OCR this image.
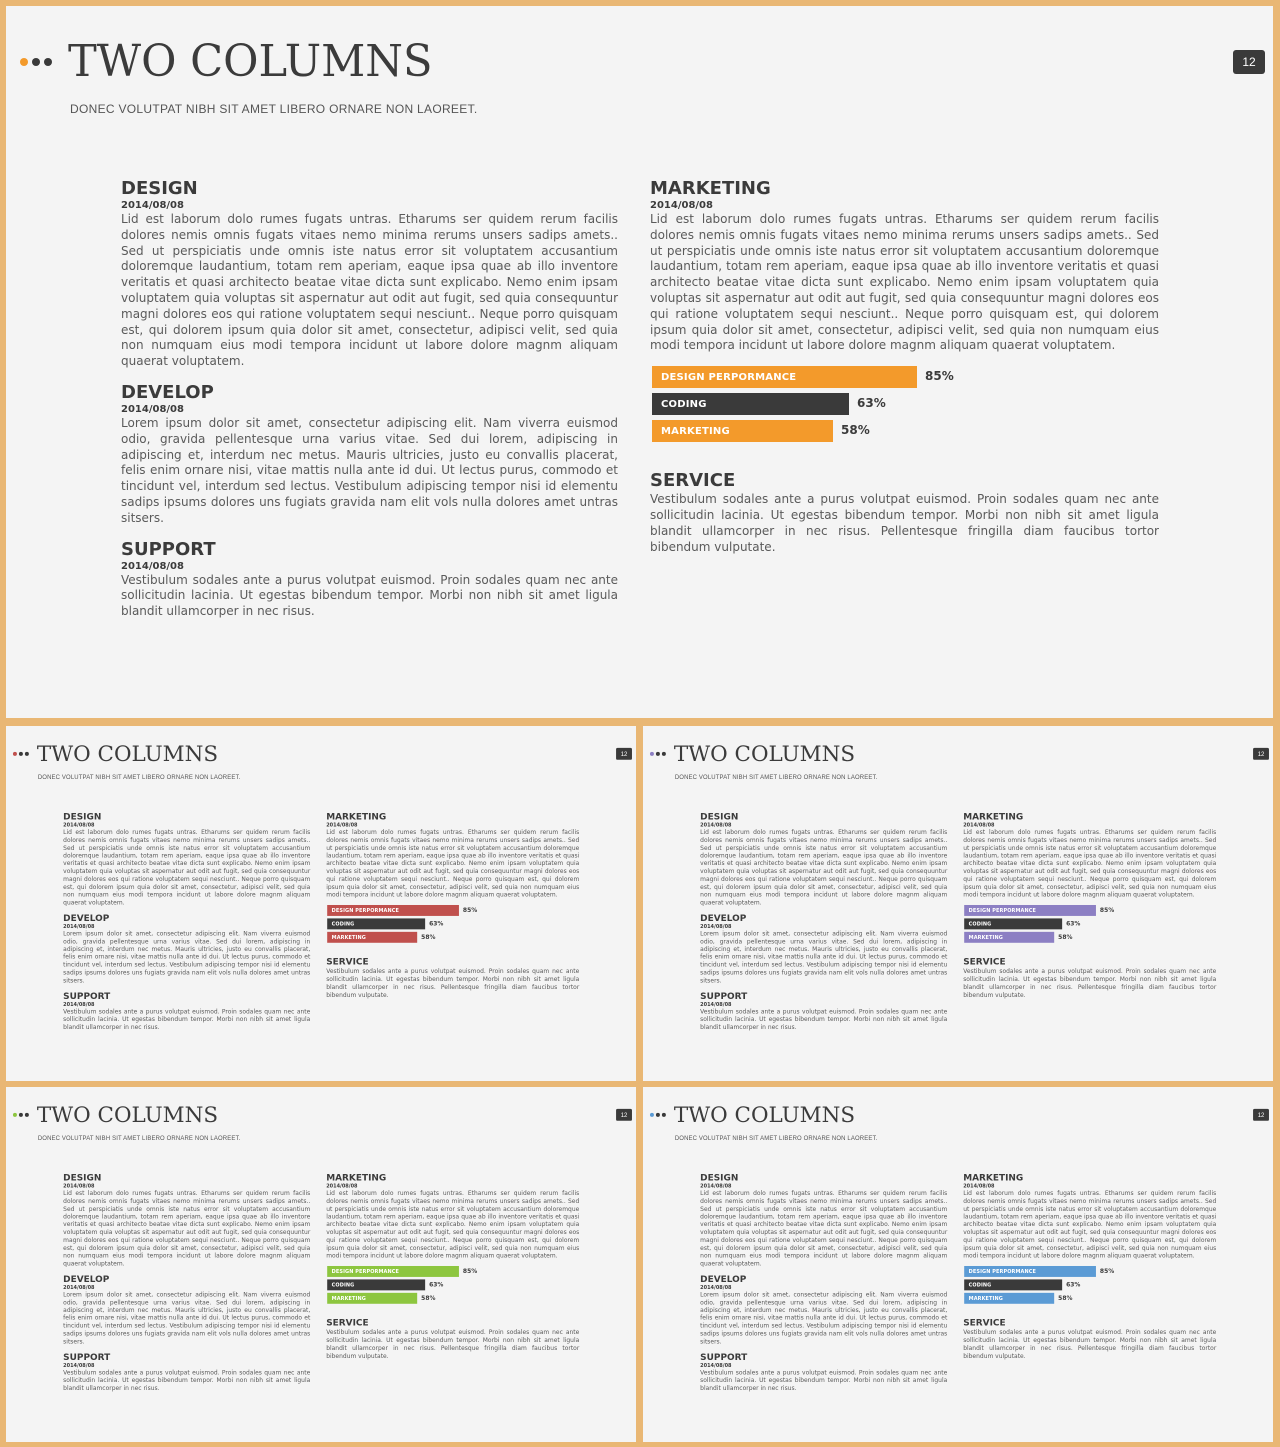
TWO COLUMNS
DONEC VOLUTPAT NIBH SIT AMET LIBERO ORNARE NON LAOREET.
12
DESIGN
2014/08/08
Lid est laborum dolo rumes fugats untras. Etharums ser quidem rerum facilis dolores nemis omnis fugats vitaes nemo minima rerums unsers sadips amets.. Sed ut perspiciatis unde omnis iste natus error sit voluptatem accusantium doloremque laudantium, totam rem aperiam, eaque ipsa quae ab illo inventore veritatis et quasi architecto beatae vitae dicta sunt explicabo. Nemo enim ipsam voluptatem quia voluptas sit aspernatur aut odit aut fugit, sed quia consequuntur magni dolores eos qui ratione voluptatem sequi nesciunt.. Neque porro quisquam est, qui dolorem ipsum quia dolor sit amet, consectetur, adipisci velit, sed quia non numquam eius modi tempora incidunt ut labore dolore magnm aliquam quaerat voluptatem.
DEVELOP
2014/08/08
Lorem ipsum dolor sit amet, consectetur adipiscing elit. Nam viverra euismod odio, gravida pellentesque urna varius vitae. Sed dui lorem, adipiscing in adipiscing et, interdum nec metus. Mauris ultricies, justo eu convallis placerat, felis enim ornare nisi, vitae mattis nulla ante id dui. Ut lectus purus, commodo et tincidunt vel, interdum sed lectus. Vestibulum adipiscing tempor nisi id elementu sadips ipsums dolores uns fugiats gravida nam elit vols nulla dolores amet untras sitsers.
SUPPORT
2014/08/08
Vestibulum sodales ante a purus volutpat euismod. Proin sodales quam nec ante sollicitudin lacinia. Ut egestas bibendum tempor. Morbi non nibh sit amet ligula blandit ullamcorper in nec risus.
MARKETING
2014/08/08
Lid est laborum dolo rumes fugats untras. Etharums ser quidem rerum facilis dolores nemis omnis fugats vitaes nemo minima rerums unsers sadips amets.. Sed ut perspiciatis unde omnis iste natus error sit voluptatem accusantium doloremque laudantium, totam rem aperiam, eaque ipsa quae ab illo inventore veritatis et quasi architecto beatae vitae dicta sunt explicabo. Nemo enim ipsam voluptatem quia voluptas sit aspernatur aut odit aut fugit, sed quia consequuntur magni dolores eos qui ratione voluptatem sequi nesciunt.. Neque porro quisquam est, qui dolorem ipsum quia dolor sit amet, consectetur, adipisci velit, sed quia non numquam eius modi tempora incidunt ut labore dolore magnm aliquam quaerat voluptatem.
DESIGN PERPORMANCE	85%
CODING	63%
MARKETING	58%
SERVICE
Vestibulum sodales ante a purus volutpat euismod. Proin sodales quam nec ante sollicitudin lacinia. Ut egestas bibendum tempor. Morbi non nibh sit amet ligula blandit ullamcorper in nec risus. Pellentesque fringilla diam faucibus tortor bibendum vulputate.
TWO COLUMNS
DONEC VOLUTPAT NIBH SIT AMET LIBERO ORNARE NON LAOREET.
12
DESIGN
2014/08/08
Lid est laborum dolo rumes fugats untras. Etharums ser quidem rerum facilis dolores nemis omnis fugats vitaes nemo minima rerums unsers sadips amets.. Sed ut perspiciatis unde omnis iste natus error sit voluptatem accusantium doloremque laudantium, totam rem aperiam, eaque ipsa quae ab illo inventore veritatis et quasi architecto beatae vitae dicta sunt explicabo. Nemo enim ipsam voluptatem quia voluptas sit aspernatur aut odit aut fugit, sed quia consequuntur magni dolores eos qui ratione voluptatem sequi nesciunt.. Neque porro quisquam est, qui dolorem ipsum quia dolor sit amet, consectetur, adipisci velit, sed quia non numquam eius modi tempora incidunt ut labore dolore magnm aliquam quaerat voluptatem.
DEVELOP
2014/08/08
Lorem ipsum dolor sit amet, consectetur adipiscing elit. Nam viverra euismod odio, gravida pellentesque urna varius vitae. Sed dui lorem, adipiscing in adipiscing et, interdum nec metus. Mauris ultricies, justo eu convallis placerat, felis enim ornare nisi, vitae mattis nulla ante id dui. Ut lectus purus, commodo et tincidunt vel, interdum sed lectus. Vestibulum adipiscing tempor nisi id elementu sadips ipsums dolores uns fugiats gravida nam elit vols nulla dolores amet untras sitsers.
SUPPORT
2014/08/08
Vestibulum sodales ante a purus volutpat euismod. Proin sodales quam nec ante sollicitudin lacinia. Ut egestas bibendum tempor. Morbi non nibh sit amet ligula blandit ullamcorper in nec risus.
MARKETING
2014/08/08
Lid est laborum dolo rumes fugats untras. Etharums ser quidem rerum facilis dolores nemis omnis fugats vitaes nemo minima rerums unsers sadips amets.. Sed ut perspiciatis unde omnis iste natus error sit voluptatem accusantium doloremque laudantium, totam rem aperiam, eaque ipsa quae ab illo inventore veritatis et quasi architecto beatae vitae dicta sunt explicabo. Nemo enim ipsam voluptatem quia voluptas sit aspernatur aut odit aut fugit, sed quia consequuntur magni dolores eos qui ratione voluptatem sequi nesciunt.. Neque porro quisquam est, qui dolorem ipsum quia dolor sit amet, consectetur, adipisci velit, sed quia non numquam eius modi tempora incidunt ut labore dolore magnm aliquam quaerat voluptatem.
DESIGN PERPORMANCE	85%
CODING	63%
MARKETING	58%
SERVICE
Vestibulum sodales ante a purus volutpat euismod. Proin sodales quam nec ante sollicitudin lacinia. Ut egestas bibendum tempor. Morbi non nibh sit amet ligula blandit ullamcorper in nec risus. Pellentesque fringilla diam faucibus tortor bibendum vulputate.
TWO COLUMNS
DONEC VOLUTPAT NIBH SIT AMET LIBERO ORNARE NON LAOREET.
12
DESIGN
2014/08/08
Lid est laborum dolo rumes fugats untras. Etharums ser quidem rerum facilis dolores nemis omnis fugats vitaes nemo minima rerums unsers sadips amets.. Sed ut perspiciatis unde omnis iste natus error sit voluptatem accusantium doloremque laudantium, totam rem aperiam, eaque ipsa quae ab illo inventore veritatis et quasi architecto beatae vitae dicta sunt explicabo. Nemo enim ipsam voluptatem quia voluptas sit aspernatur aut odit aut fugit, sed quia consequuntur magni dolores eos qui ratione voluptatem sequi nesciunt.. Neque porro quisquam est, qui dolorem ipsum quia dolor sit amet, consectetur, adipisci velit, sed quia non numquam eius modi tempora incidunt ut labore dolore magnm aliquam quaerat voluptatem.
DEVELOP
2014/08/08
Lorem ipsum dolor sit amet, consectetur adipiscing elit. Nam viverra euismod odio, gravida pellentesque urna varius vitae. Sed dui lorem, adipiscing in adipiscing et, interdum nec metus. Mauris ultricies, justo eu convallis placerat, felis enim ornare nisi, vitae mattis nulla ante id dui. Ut lectus purus, commodo et tincidunt vel, interdum sed lectus. Vestibulum adipiscing tempor nisi id elementu sadips ipsums dolores uns fugiats gravida nam elit vols nulla dolores amet untras sitsers.
SUPPORT
2014/08/08
Vestibulum sodales ante a purus volutpat euismod. Proin sodales quam nec ante sollicitudin lacinia. Ut egestas bibendum tempor. Morbi non nibh sit amet ligula blandit ullamcorper in nec risus.
MARKETING
2014/08/08
Lid est laborum dolo rumes fugats untras. Etharums ser quidem rerum facilis dolores nemis omnis fugats vitaes nemo minima rerums unsers sadips amets.. Sed ut perspiciatis unde omnis iste natus error sit voluptatem accusantium doloremque laudantium, totam rem aperiam, eaque ipsa quae ab illo inventore veritatis et quasi architecto beatae vitae dicta sunt explicabo. Nemo enim ipsam voluptatem quia voluptas sit aspernatur aut odit aut fugit, sed quia consequuntur magni dolores eos qui ratione voluptatem sequi nesciunt.. Neque porro quisquam est, qui dolorem ipsum quia dolor sit amet, consectetur, adipisci velit, sed quia non numquam eius modi tempora incidunt ut labore dolore magnm aliquam quaerat voluptatem.
DESIGN PERPORMANCE	85%
CODING	63%
MARKETING	58%
SERVICE
Vestibulum sodales ante a purus volutpat euismod. Proin sodales quam nec ante sollicitudin lacinia. Ut egestas bibendum tempor. Morbi non nibh sit amet ligula blandit ullamcorper in nec risus. Pellentesque fringilla diam faucibus tortor bibendum vulputate.
TWO COLUMNS
DONEC VOLUTPAT NIBH SIT AMET LIBERO ORNARE NON LAOREET.
12
DESIGN
2014/08/08
Lid est laborum dolo rumes fugats untras. Etharums ser quidem rerum facilis dolores nemis omnis fugats vitaes nemo minima rerums unsers sadips amets.. Sed ut perspiciatis unde omnis iste natus error sit voluptatem accusantium doloremque laudantium, totam rem aperiam, eaque ipsa quae ab illo inventore veritatis et quasi architecto beatae vitae dicta sunt explicabo. Nemo enim ipsam voluptatem quia voluptas sit aspernatur aut odit aut fugit, sed quia consequuntur magni dolores eos qui ratione voluptatem sequi nesciunt.. Neque porro quisquam est, qui dolorem ipsum quia dolor sit amet, consectetur, adipisci velit, sed quia non numquam eius modi tempora incidunt ut labore dolore magnm aliquam quaerat voluptatem.
DEVELOP
2014/08/08
Lorem ipsum dolor sit amet, consectetur adipiscing elit. Nam viverra euismod odio, gravida pellentesque urna varius vitae. Sed dui lorem, adipiscing in adipiscing et, interdum nec metus. Mauris ultricies, justo eu convallis placerat, felis enim ornare nisi, vitae mattis nulla ante id dui. Ut lectus purus, commodo et tincidunt vel, interdum sed lectus. Vestibulum adipiscing tempor nisi id elementu sadips ipsums dolores uns fugiats gravida nam elit vols nulla dolores amet untras sitsers.
SUPPORT
2014/08/08
Vestibulum sodales ante a purus volutpat euismod. Proin sodales quam nec ante sollicitudin lacinia. Ut egestas bibendum tempor. Morbi non nibh sit amet ligula blandit ullamcorper in nec risus.
MARKETING
2014/08/08
Lid est laborum dolo rumes fugats untras. Etharums ser quidem rerum facilis dolores nemis omnis fugats vitaes nemo minima rerums unsers sadips amets.. Sed ut perspiciatis unde omnis iste natus error sit voluptatem accusantium doloremque laudantium, totam rem aperiam, eaque ipsa quae ab illo inventore veritatis et quasi architecto beatae vitae dicta sunt explicabo. Nemo enim ipsam voluptatem quia voluptas sit aspernatur aut odit aut fugit, sed quia consequuntur magni dolores eos qui ratione voluptatem sequi nesciunt.. Neque porro quisquam est, qui dolorem ipsum quia dolor sit amet, consectetur, adipisci velit, sed quia non numquam eius modi tempora incidunt ut labore dolore magnm aliquam quaerat voluptatem.
DESIGN PERPORMANCE	85%
CODING	63%
MARKETING	58%
SERVICE
Vestibulum sodales ante a purus volutpat euismod. Proin sodales quam nec ante sollicitudin lacinia. Ut egestas bibendum tempor. Morbi non nibh sit amet ligula blandit ullamcorper in nec risus. Pellentesque fringilla diam faucibus tortor bibendum vulputate.
TWO COLUMNS
DONEC VOLUTPAT NIBH SIT AMET LIBERO ORNARE NON LAOREET.
12
DESIGN
2014/08/08
Lid est laborum dolo rumes fugats untras. Etharums ser quidem rerum facilis dolores nemis omnis fugats vitaes nemo minima rerums unsers sadips amets.. Sed ut perspiciatis unde omnis iste natus error sit voluptatem accusantium doloremque laudantium, totam rem aperiam, eaque ipsa quae ab illo inventore veritatis et quasi architecto beatae vitae dicta sunt explicabo. Nemo enim ipsam voluptatem quia voluptas sit aspernatur aut odit aut fugit, sed quia consequuntur magni dolores eos qui ratione voluptatem sequi nesciunt.. Neque porro quisquam est, qui dolorem ipsum quia dolor sit amet, consectetur, adipisci velit, sed quia non numquam eius modi tempora incidunt ut labore dolore magnm aliquam quaerat voluptatem.
DEVELOP
2014/08/08
Lorem ipsum dolor sit amet, consectetur adipiscing elit. Nam viverra euismod odio, gravida pellentesque urna varius vitae. Sed dui lorem, adipiscing in adipiscing et, interdum nec metus. Mauris ultricies, justo eu convallis placerat, felis enim ornare nisi, vitae mattis nulla ante id dui. Ut lectus purus, commodo et tincidunt vel, interdum sed lectus. Vestibulum adipiscing tempor nisi id elementu sadips ipsums dolores uns fugiats gravida nam elit vols nulla dolores amet untras sitsers.
SUPPORT
2014/08/08
Vestibulum sodales ante a purus volutpat euismod. Proin sodales quam nec ante sollicitudin lacinia. Ut egestas bibendum tempor. Morbi non nibh sit amet ligula blandit ullamcorper in nec risus.
MARKETING
2014/08/08
Lid est laborum dolo rumes fugats untras. Etharums ser quidem rerum facilis dolores nemis omnis fugats vitaes nemo minima rerums unsers sadips amets.. Sed ut perspiciatis unde omnis iste natus error sit voluptatem accusantium doloremque laudantium, totam rem aperiam, eaque ipsa quae ab illo inventore veritatis et quasi architecto beatae vitae dicta sunt explicabo. Nemo enim ipsam voluptatem quia voluptas sit aspernatur aut odit aut fugit, sed quia consequuntur magni dolores eos qui ratione voluptatem sequi nesciunt.. Neque porro quisquam est, qui dolorem ipsum quia dolor sit amet, consectetur, adipisci velit, sed quia non numquam eius modi tempora incidunt ut labore dolore magnm aliquam quaerat voluptatem.
DESIGN PERPORMANCE	85%
CODING	63%
MARKETING	58%
SERVICE
Vestibulum sodales ante a purus volutpat euismod. Proin sodales quam nec ante sollicitudin lacinia. Ut egestas bibendum tempor. Morbi non nibh sit amet ligula blandit ullamcorper in nec risus. Pellentesque fringilla diam faucibus tortor bibendum vulputate.
